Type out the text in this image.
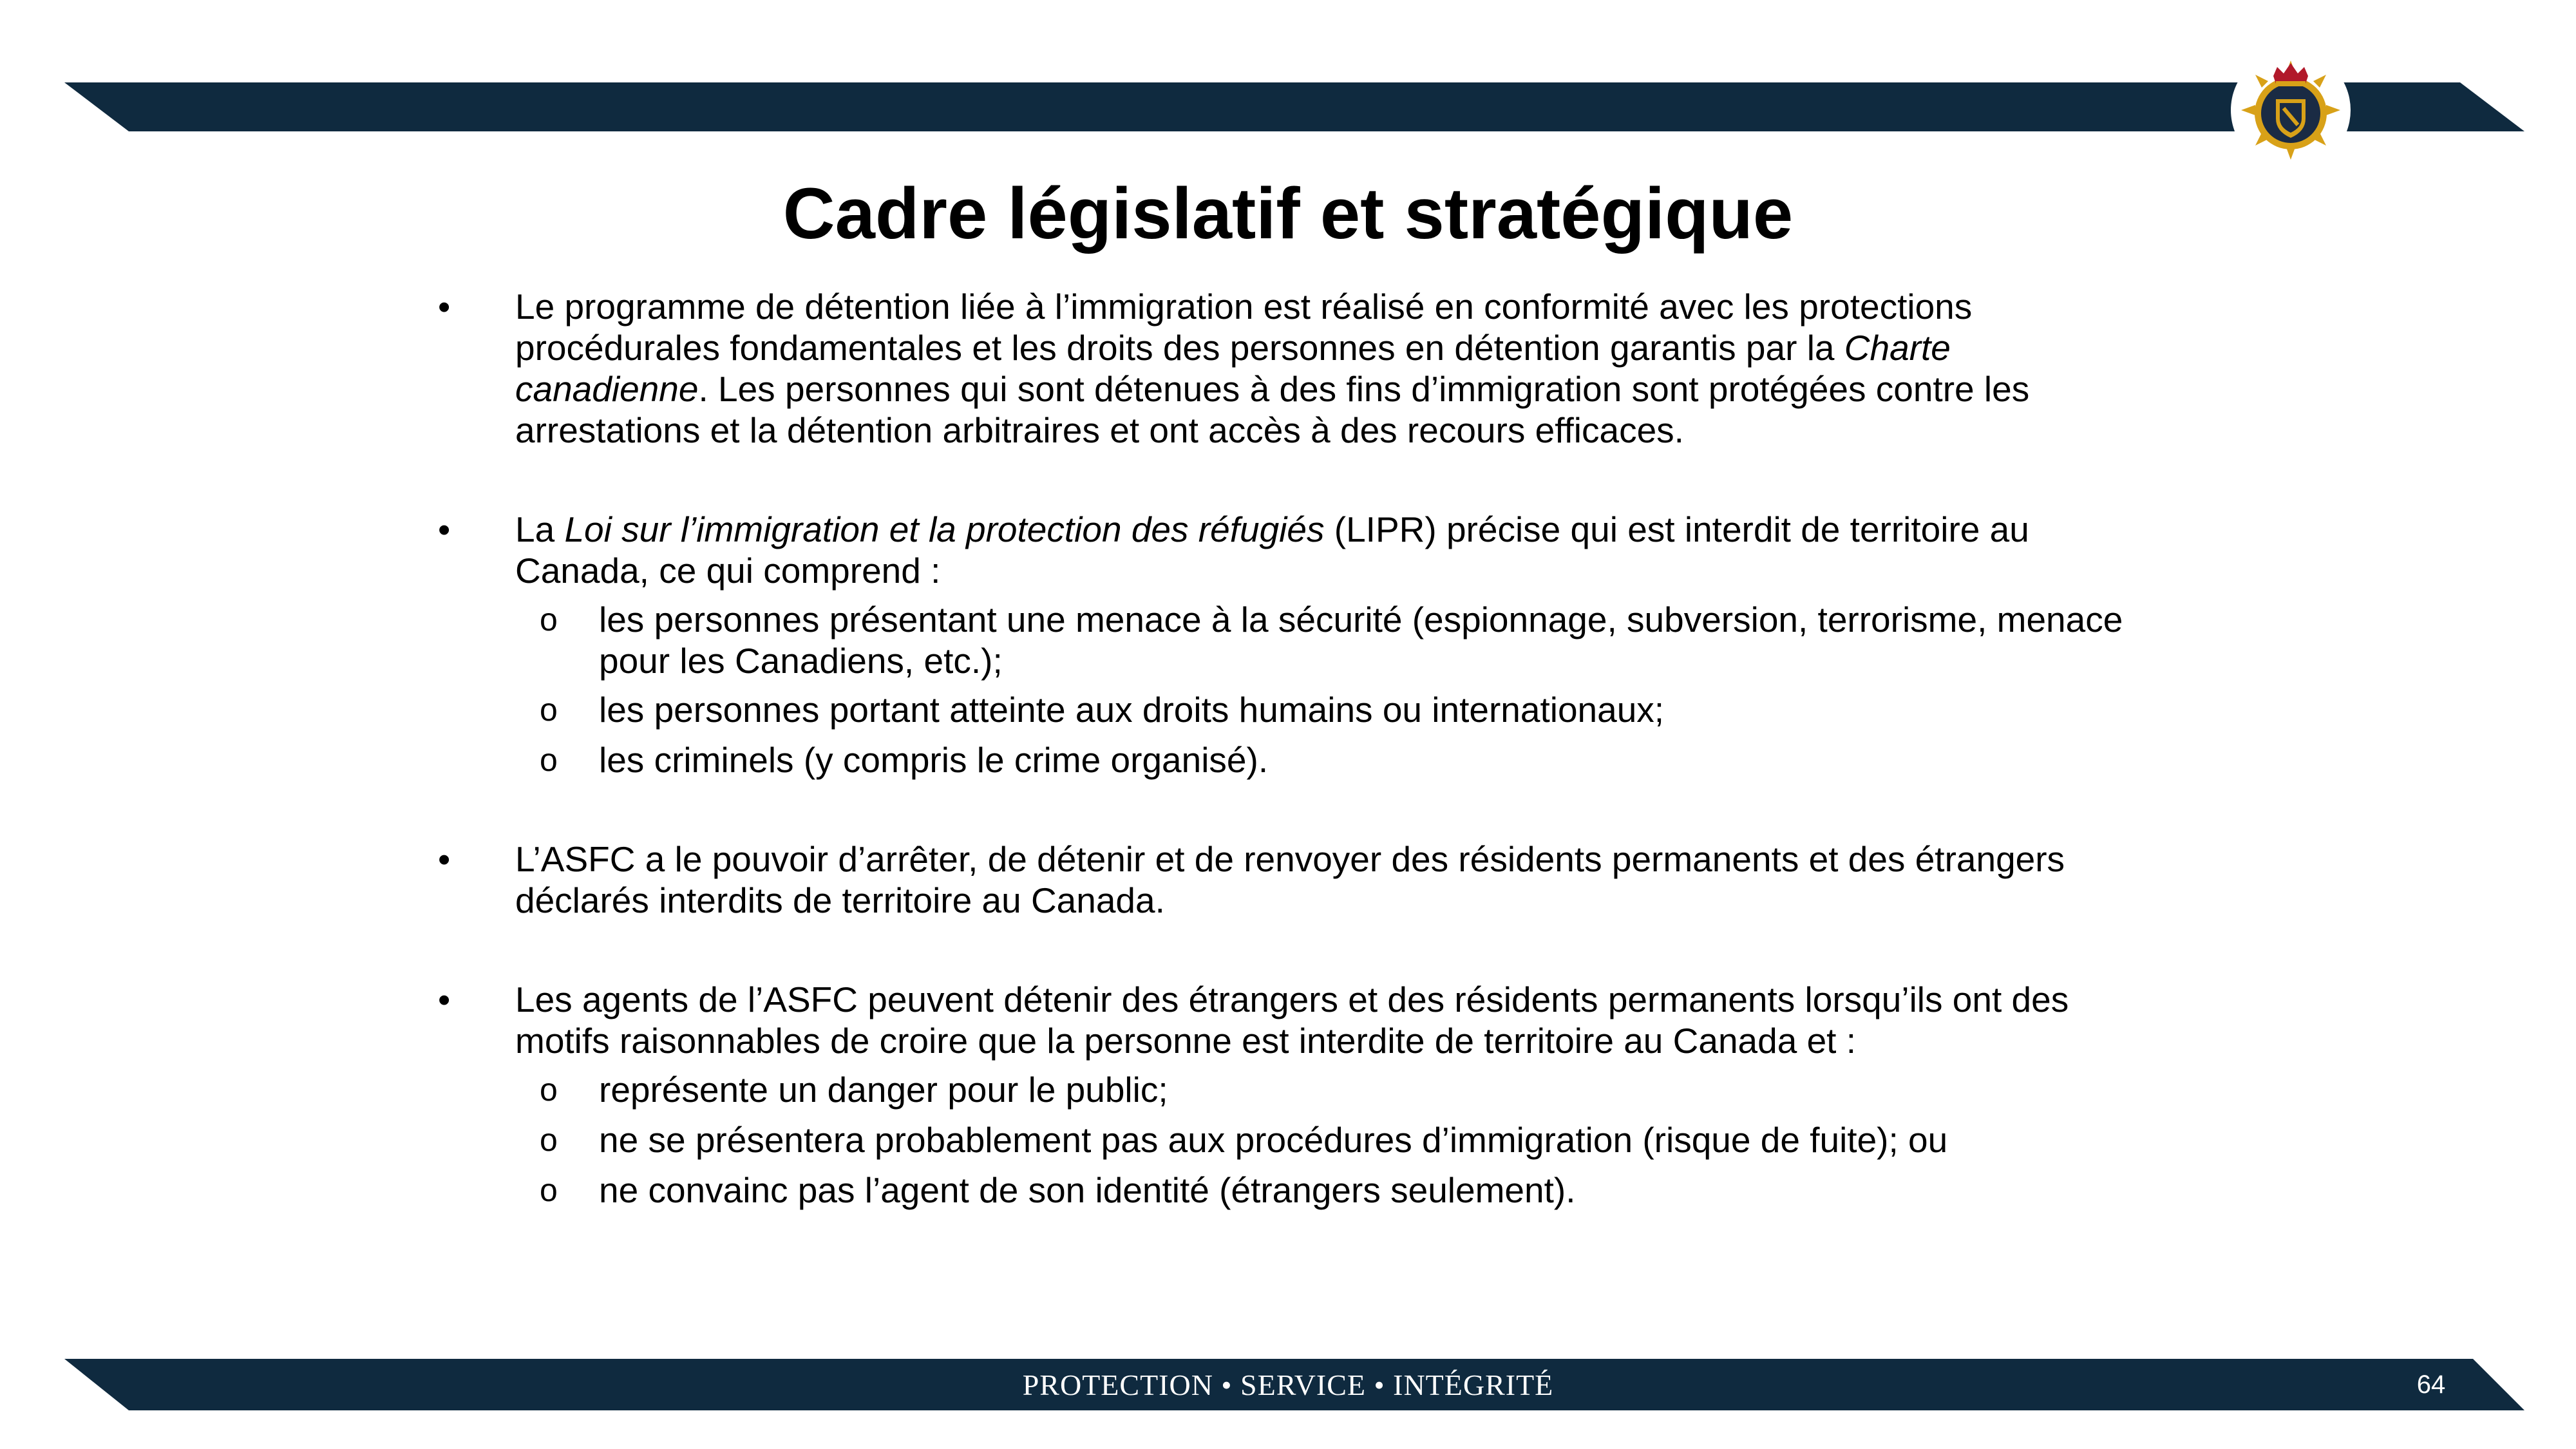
Cadre législatif et stratégique
• Le programme de détention liée à l’immigration est réalisé en conformité avec les protections procédurales fondamentales et les droits des personnes en détention garantis par la Charte canadienne. Les personnes qui sont détenues à des fins d’immigration sont protégées contre les arrestations et la détention arbitraires et ont accès à des recours efficaces.
• La Loi sur l’immigration et la protection des réfugiés (LIPR) précise qui est interdit de territoire au Canada, ce qui comprend :
o les personnes présentant une menace à la sécurité (espionnage, subversion, terrorisme, menace pour les Canadiens, etc.);
o les personnes portant atteinte aux droits humains ou internationaux;
o les criminels (y compris le crime organisé).
• L’ASFC a le pouvoir d’arrêter, de détenir et de renvoyer des résidents permanents et des étrangers déclarés interdits de territoire au Canada.
• Les agents de l’ASFC peuvent détenir des étrangers et des résidents permanents lorsqu’ils ont des motifs raisonnables de croire que la personne est interdite de territoire au Canada et :
o représente un danger pour le public;
o ne se présentera probablement pas aux procédures d’immigration (risque de fuite); ou
o ne convainc pas l’agent de son identité (étrangers seulement).
PROTECTION • SERVICE • INTÉGRITÉ	64
